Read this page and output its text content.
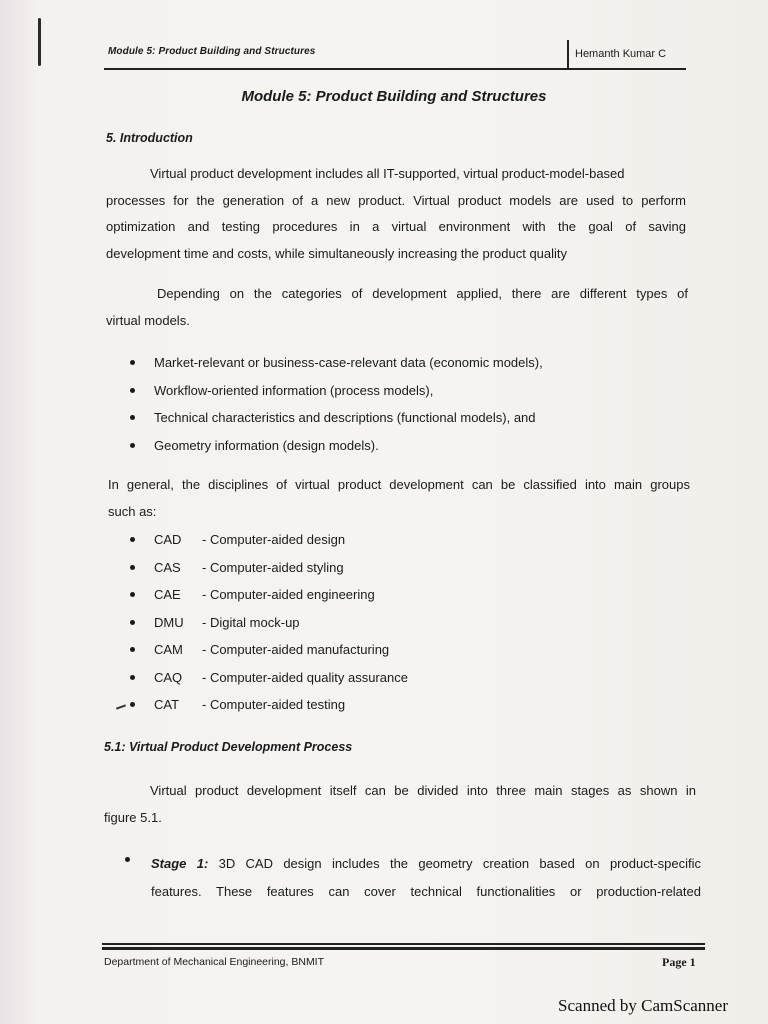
Module 5: Product Building and Structures	Hemanth Kumar C
Module 5: Product Building and Structures
5. Introduction
Virtual product development includes all IT-supported, virtual product-model-based
processes for the generation of a new product. Virtual product models are used to perform
optimization and testing procedures in a virtual environment with the goal of saving
development time and costs, while simultaneously increasing the product quality
Depending on the categories of development applied, there are different types of
virtual models.
Market-relevant or business-case-relevant data (economic models),
Workflow-oriented information (process models),
Technical characteristics and descriptions (functional models), and
Geometry information (design models).
In general, the disciplines of virtual product development can be classified into main groups
such as:
CAD - Computer-aided design
CAS - Computer-aided styling
CAE - Computer-aided engineering
DMU - Digital mock-up
CAM - Computer-aided manufacturing
CAQ - Computer-aided quality assurance
CAT - Computer-aided testing
5.1: Virtual Product Development Process
Virtual product development itself can be divided into three main stages as shown in
figure 5.1.
Stage 1: 3D CAD design includes the geometry creation based on product-specific
features. These features can cover technical functionalities or production-related
Department of Mechanical Engineering, BNMIT	Page 1
Scanned by CamScanner
